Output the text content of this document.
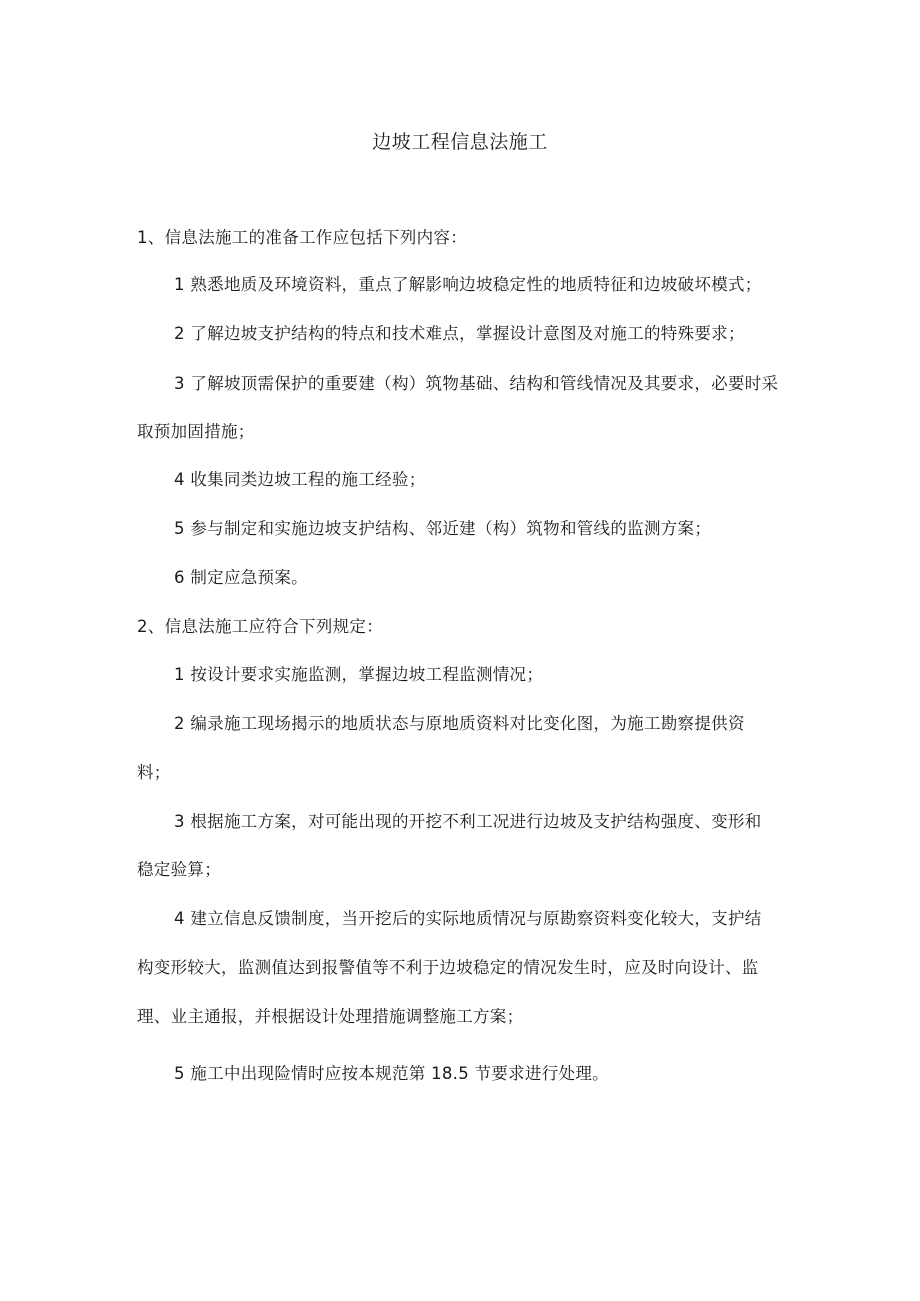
边坡工程信息法施工
1、信息法施工的准备工作应包括下列内容：
1 熟悉地质及环境资料，重点了解影响边坡稳定性的地质特征和边坡破坏模式；
2 了解边坡支护结构的特点和技术难点，掌握设计意图及对施工的特殊要求；
3 了解坡顶需保护的重要建（构）筑物基础、结构和管线情况及其要求，必要时采
取预加固措施；
4 收集同类边坡工程的施工经验；
5 参与制定和实施边坡支护结构、邻近建（构）筑物和管线的监测方案；
6 制定应急预案。
2、信息法施工应符合下列规定：
1 按设计要求实施监测，掌握边坡工程监测情况；
2 编录施工现场揭示的地质状态与原地质资料对比变化图，为施工勘察提供资
料；
3 根据施工方案，对可能出现的开挖不利工况进行边坡及支护结构强度、变形和
稳定验算；
4 建立信息反馈制度，当开挖后的实际地质情况与原勘察资料变化较大，支护结
构变形较大，监测值达到报警值等不利于边坡稳定的情况发生时，应及时向设计、监
理、业主通报，并根据设计处理措施调整施工方案；
5 施工中出现险情时应按本规范第 18.5 节要求进行处理。
